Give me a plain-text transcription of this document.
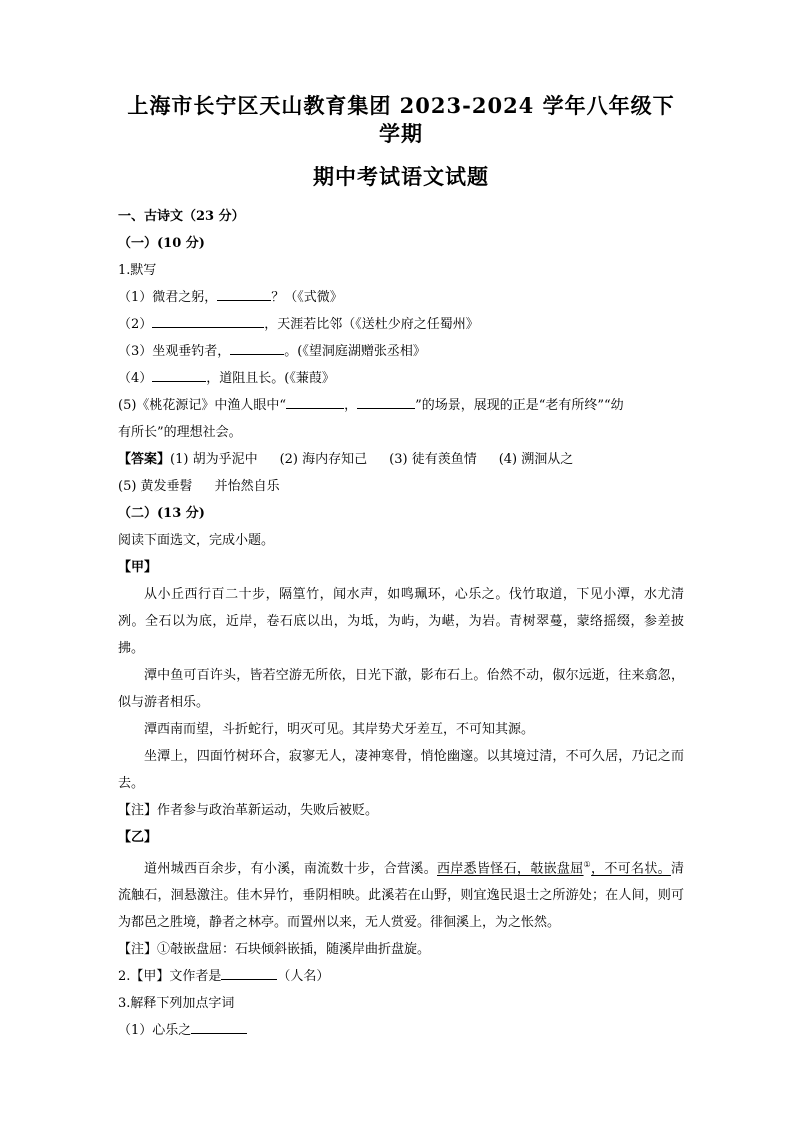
上海市长宁区天山教育集团 2023-2024 学年八年级下学期
期中考试语文试题
一、古诗文（23 分）
（一）(10 分)
1.默写
（1）微君之躬，	？（《式微》
（2）	，天涯若比邻（《送杜少府之任蜀州》
（3）坐观垂钓者，	。(《望洞庭湖赠张丞相》
（4）	，道阻且长。(《蒹葭》
(5)《桃花源记》中渔人眼中“	，	”的场景，展现的正是“老有所终”“幼
有所长”的理想社会。
【答案】(1) 胡为乎泥中 (2) 海内存知己 (3) 徒有羡鱼情 (4) 溯洄从之
(5) 黄发垂髫 并怡然自乐
（二）(13 分)
阅读下面选文，完成小题。
【甲】
从小丘西行百二十步，隔篁竹，闻水声，如鸣珮环，心乐之。伐竹取道，下见小潭，水尤清冽。全石以为底，近岸，卷石底以出，为坻，为屿，为嵁，为岩。青树翠蔓，蒙络摇缀，参差披拂。
潭中鱼可百许头，皆若空游无所依，日光下澈，影布石上。佁然不动，俶尔远逝，往来翕忽，似与游者相乐。
潭西南而望，斗折蛇行，明灭可见。其岸势犬牙差互，不可知其源。
坐潭上，四面竹树环合，寂寥无人，凄神寒骨，悄怆幽邃。以其境过清，不可久居，乃记之而去。
【注】作者参与政治革新运动，失败后被贬。
【乙】
道州城西百余步，有小溪，南流数十步，合营溪。西岸悉皆怪石，攲嵌盘屈①，不可名状。清流触石，洄悬激注。佳木异竹，垂阴相映。此溪若在山野，则宜逸民退士之所游处；在人间，则可为都邑之胜境，静者之林亭。而置州以来，无人赏爱。徘徊溪上，为之怅然。
【注】①攲嵌盘屈：石块倾斜嵌插，随溪岸曲折盘旋。
2.【甲】文作者是	（人名）
3.解释下列加点字词
（1）心乐之
